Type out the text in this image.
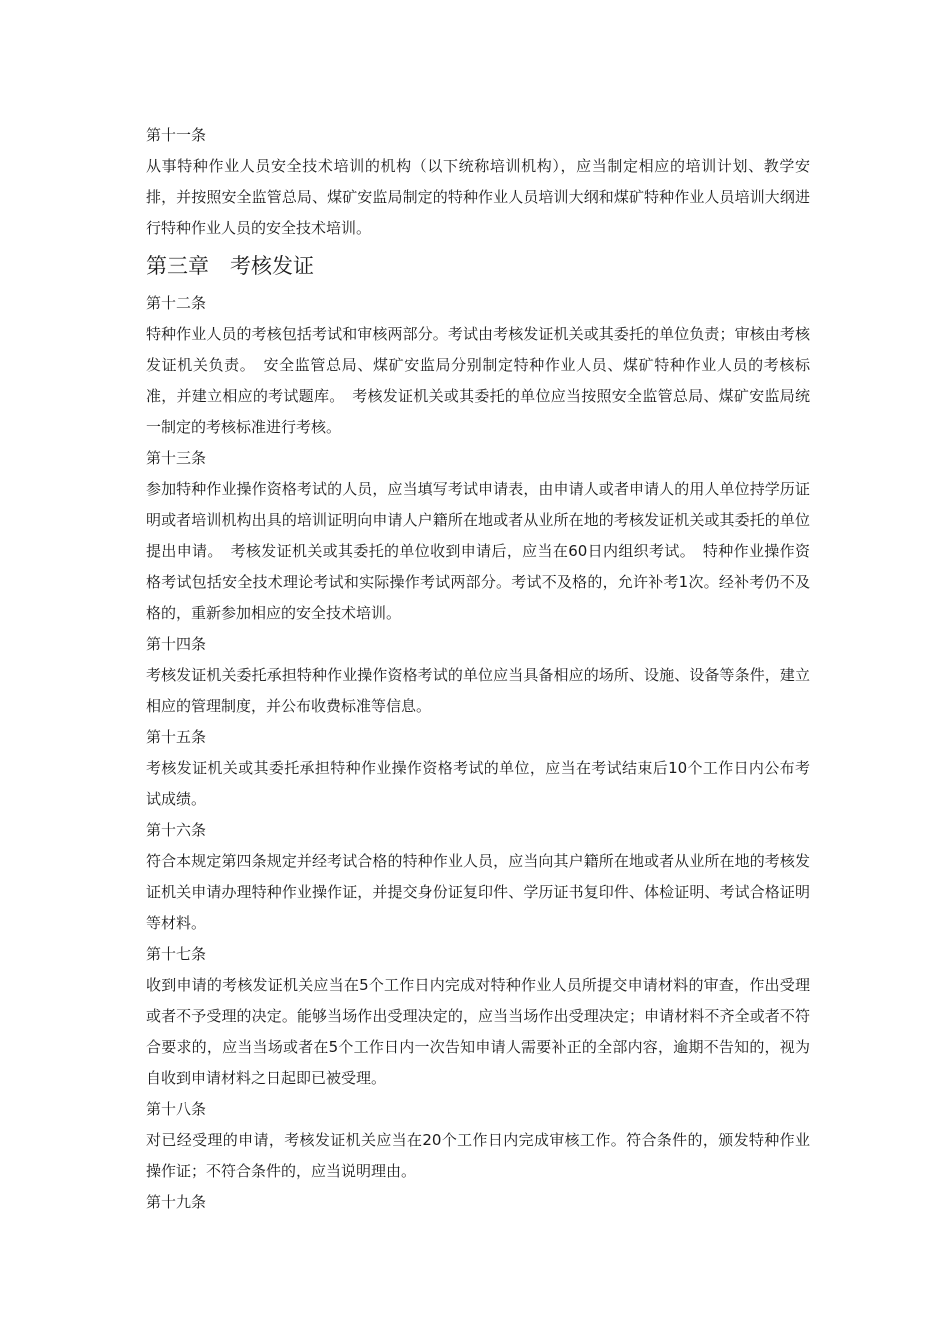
第十一条
从事特种作业人员安全技术培训的机构（以下统称培训机构），应当制定相应的培训计划、教学安排，并按照安全监管总局、煤矿安监局制定的特种作业人员培训大纲和煤矿特种作业人员培训大纲进行特种作业人员的安全技术培训。
第三章　考核发证
第十二条
特种作业人员的考核包括考试和审核两部分。考试由考核发证机关或其委托的单位负责；审核由考核发证机关负责。　安全监管总局、煤矿安监局分别制定特种作业人员、煤矿特种作业人员的考核标准，并建立相应的考试题库。　考核发证机关或其委托的单位应当按照安全监管总局、煤矿安监局统一制定的考核标准进行考核。
第十三条
参加特种作业操作资格考试的人员，应当填写考试申请表，由申请人或者申请人的用人单位持学历证明或者培训机构出具的培训证明向申请人户籍所在地或者从业所在地的考核发证机关或其委托的单位提出申请。　考核发证机关或其委托的单位收到申请后，应当在60日内组织考试。　特种作业操作资格考试包括安全技术理论考试和实际操作考试两部分。考试不及格的，允许补考1次。经补考仍不及格的，重新参加相应的安全技术培训。
第十四条
考核发证机关委托承担特种作业操作资格考试的单位应当具备相应的场所、设施、设备等条件，建立相应的管理制度，并公布收费标准等信息。
第十五条
考核发证机关或其委托承担特种作业操作资格考试的单位，应当在考试结束后10个工作日内公布考试成绩。
第十六条
符合本规定第四条规定并经考试合格的特种作业人员，应当向其户籍所在地或者从业所在地的考核发证机关申请办理特种作业操作证，并提交身份证复印件、学历证书复印件、体检证明、考试合格证明等材料。
第十七条
收到申请的考核发证机关应当在5个工作日内完成对特种作业人员所提交申请材料的审查，作出受理或者不予受理的决定。能够当场作出受理决定的，应当当场作出受理决定；申请材料不齐全或者不符合要求的，应当当场或者在5个工作日内一次告知申请人需要补正的全部内容，逾期不告知的，视为自收到申请材料之日起即已被受理。
第十八条
对已经受理的申请，考核发证机关应当在20个工作日内完成审核工作。符合条件的，颁发特种作业操作证；不符合条件的，应当说明理由。
第十九条
